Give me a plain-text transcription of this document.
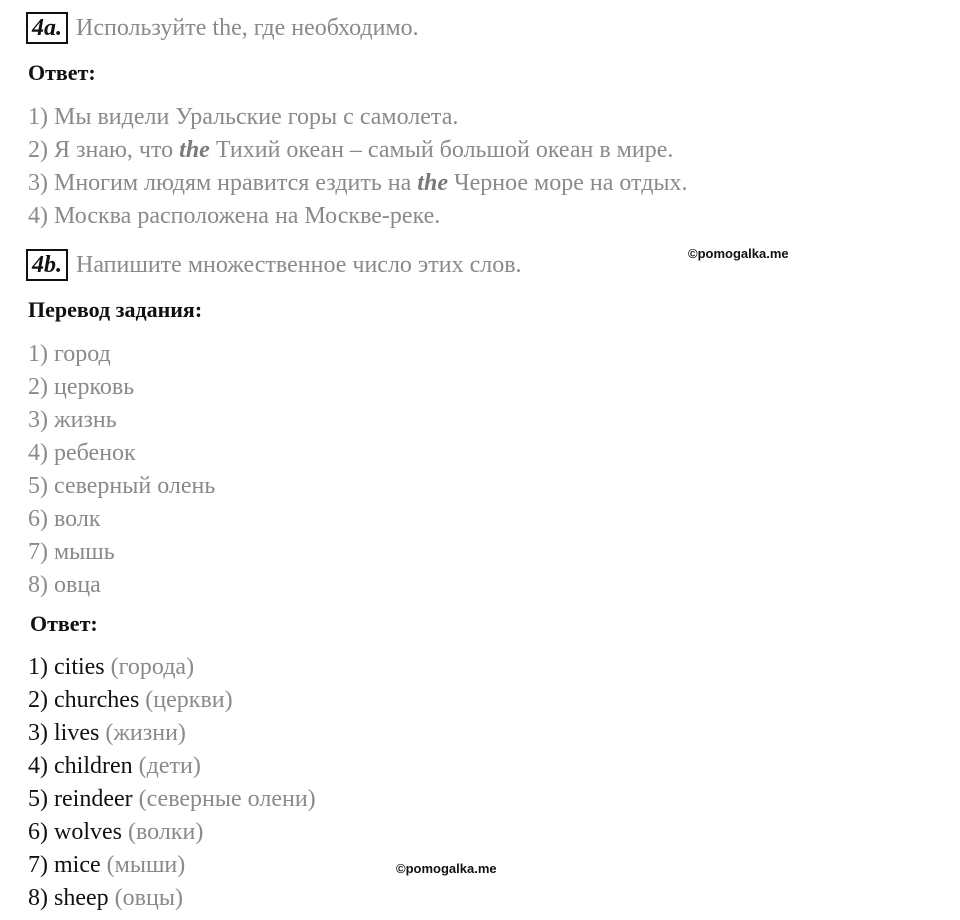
4a. Используйте the, где необходимо.
Ответ:
1) Мы видели Уральские горы с самолета.
2) Я знаю, что the Тихий океан – самый большой океан в мире.
3) Многим людям нравится ездить на the Черное море на отдых.
4) Москва расположена на Москве-реке.
4b. Напишите множественное число этих слов.	©pomogalka.me
Перевод задания:
1) город
2) церковь
3) жизнь
4) ребенок
5) северный олень
6) волк
7) мышь
8) овца
Ответ:
1) cities (города)
2) churches (церкви)
3) lives (жизни)
4) children (дети)
5) reindeer (северные олени)
6) wolves (волки)
7) mice (мыши)
8) sheep (овцы)
©pomogalka.me
